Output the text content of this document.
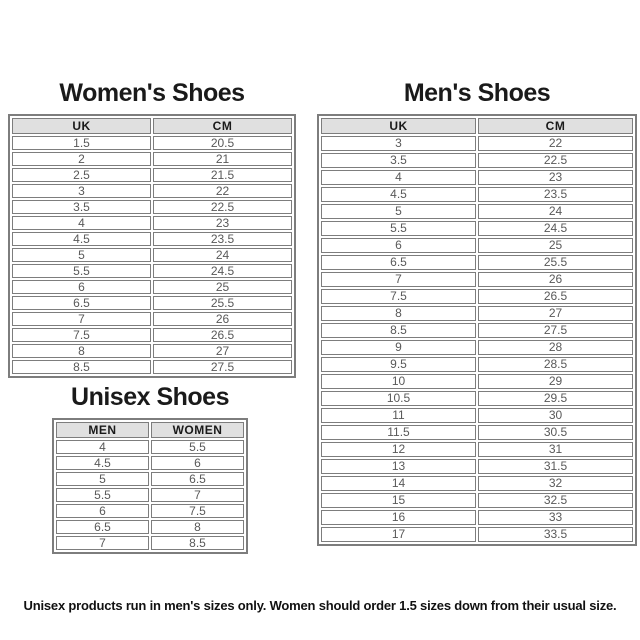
Women's Shoes
UK	CM
1.5	20.5
2	21
2.5	21.5
3	22
3.5	22.5
4	23
4.5	23.5
5	24
5.5	24.5
6	25
6.5	25.5
7	26
7.5	26.5
8	27
8.5	27.5
Men's Shoes
UK	CM
3	22
3.5	22.5
4	23
4.5	23.5
5	24
5.5	24.5
6	25
6.5	25.5
7	26
7.5	26.5
8	27
8.5	27.5
9	28
9.5	28.5
10	29
10.5	29.5
11	30
11.5	30.5
12	31
13	31.5
14	32
15	32.5
16	33
17	33.5
Unisex Shoes
MEN	WOMEN
4	5.5
4.5	6
5	6.5
5.5	7
6	7.5
6.5	8
7	8.5

Unisex products run in men's sizes only. Women should order 1.5 sizes down from their usual size.
